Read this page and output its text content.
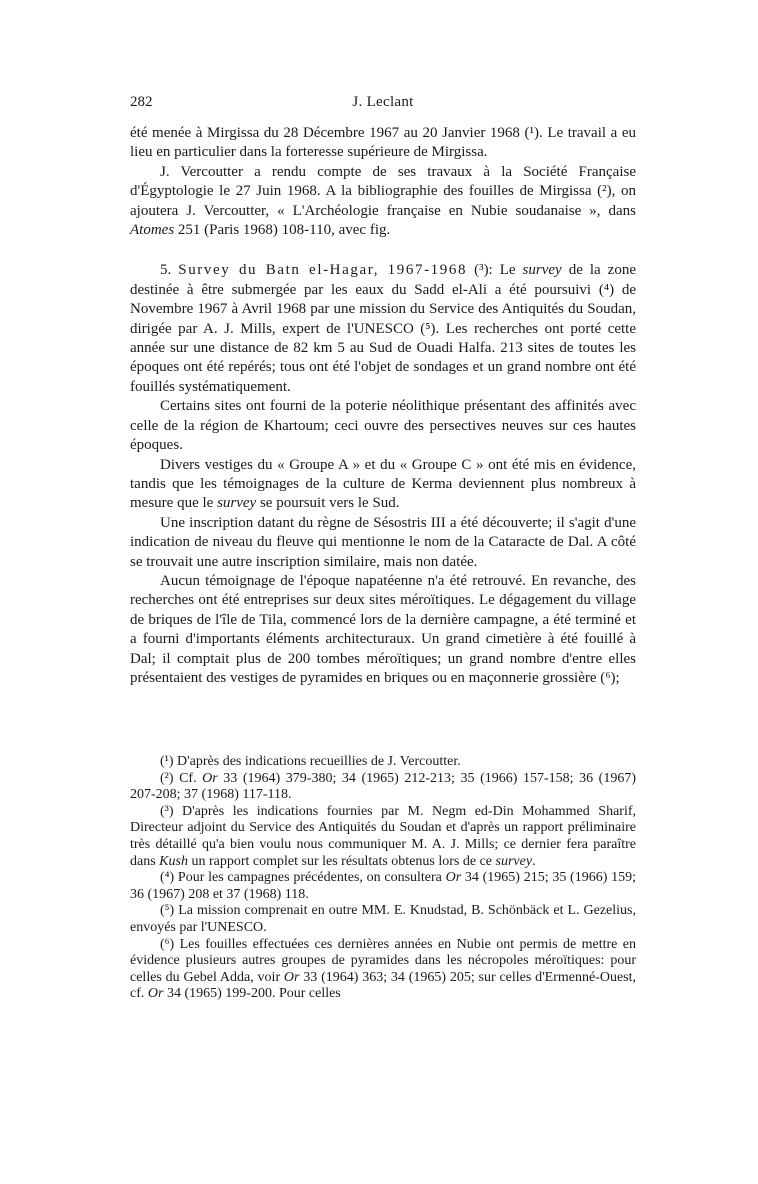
282	J. Leclant

été menée à Mirgissa du 28 Décembre 1967 au 20 Janvier 1968 (¹). Le travail a eu lieu en particulier dans la forteresse supérieure de Mirgissa.

J. Vercoutter a rendu compte de ses travaux à la Société Française d'Égyptologie le 27 Juin 1968. A la bibliographie des fouilles de Mirgissa (²), on ajoutera J. Vercoutter, « L'Archéologie française en Nubie soudanaise », dans Atomes 251 (Paris 1968) 108-110, avec fig.

5. Survey du Batn el-Hagar, 1967-1968 (³): Le survey de la zone destinée à être submergée par les eaux du Sadd el-Ali a été poursuivi (⁴) de Novembre 1967 à Avril 1968 par une mission du Service des Antiquités du Soudan, dirigée par A. J. Mills, expert de l'UNESCO (⁵). Les recherches ont porté cette année sur une distance de 82 km 5 au Sud de Ouadi Halfa. 213 sites de toutes les époques ont été repérés; tous ont été l'objet de sondages et un grand nombre ont été fouillés systématiquement.

Certains sites ont fourni de la poterie néolithique présentant des affinités avec celle de la région de Khartoum; ceci ouvre des persectives neuves sur ces hautes époques.

Divers vestiges du « Groupe A » et du « Groupe C » ont été mis en évidence, tandis que les témoignages de la culture de Kerma deviennent plus nombreux à mesure que le survey se poursuit vers le Sud.

Une inscription datant du règne de Sésostris III a été découverte; il s'agit d'une indication de niveau du fleuve qui mentionne le nom de la Cataracte de Dal. A côté se trouvait une autre inscription similaire, mais non datée.

Aucun témoignage de l'époque napatéenne n'a été retrouvé. En revanche, des recherches ont été entreprises sur deux sites méroïtiques. Le dégagement du village de briques de l'île de Tila, commencé lors de la dernière campagne, a été terminé et a fourni d'importants éléments architecturaux. Un grand cimetière à été fouillé à Dal; il comptait plus de 200 tombes méroïtiques; un grand nombre d'entre elles présentaient des vestiges de pyramides en briques ou en maçonnerie grossière (⁶);

(¹) D'après des indications recueillies de J. Vercoutter.

(²) Cf. Or 33 (1964) 379-380; 34 (1965) 212-213; 35 (1966) 157-158; 36 (1967) 207-208; 37 (1968) 117-118.

(³) D'après les indications fournies par M. Negm ed-Din Mohammed Sharif, Directeur adjoint du Service des Antiquités du Soudan et d'après un rapport préliminaire très détaillé qu'a bien voulu nous communiquer M. A. J. Mills; ce dernier fera paraître dans Kush un rapport complet sur les résultats obtenus lors de ce survey.

(⁴) Pour les campagnes précédentes, on consultera Or 34 (1965) 215; 35 (1966) 159; 36 (1967) 208 et 37 (1968) 118.

(⁵) La mission comprenait en outre MM. E. Knudstad, B. Schönbäck et L. Gezelius, envoyés par l'UNESCO.

(⁶) Les fouilles effectuées ces dernières années en Nubie ont permis de mettre en évidence plusieurs autres groupes de pyramides dans les nécropoles méroïtiques: pour celles du Gebel Adda, voir Or 33 (1964) 363; 34 (1965) 205; sur celles d'Ermenné-Ouest, cf. Or 34 (1965) 199-200. Pour celles
